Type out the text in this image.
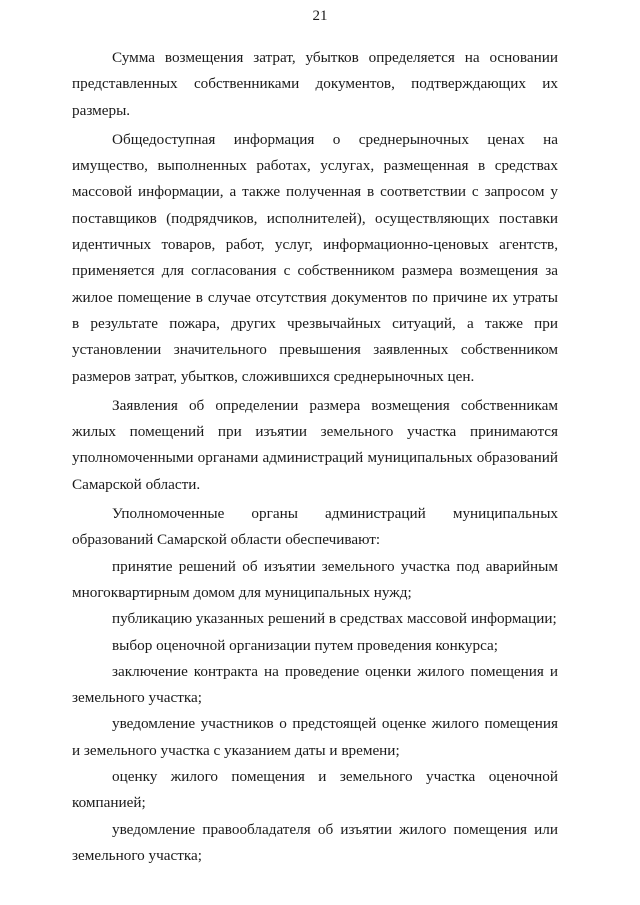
21

Сумма возмещения затрат, убытков определяется на основании представленных собственниками документов, подтверждающих их размеры.

Общедоступная информация о среднерыночных ценах на имущество, выполненных работах, услугах, размещенная в средствах массовой информации, а также полученная в соответствии с запросом у поставщиков (подрядчиков, исполнителей), осуществляющих поставки идентичных товаров, работ, услуг, информационно-ценовых агентств, применяется для согласования с собственником размера возмещения за жилое помещение в случае отсутствия документов по причине их утраты в результате пожара, других чрезвычайных ситуаций, а также при установлении значительного превышения заявленных собственником размеров затрат, убытков, сложившихся среднерыночных цен.

Заявления об определении размера возмещения собственникам жилых помещений при изъятии земельного участка принимаются уполномоченными органами администраций муниципальных образований Самарской области.

Уполномоченные органы администраций муниципальных образований Самарской области обеспечивают:

принятие решений об изъятии земельного участка под аварийным многоквартирным домом для муниципальных нужд;

публикацию указанных решений в средствах массовой информации;

выбор оценочной организации путем проведения конкурса;

заключение контракта на проведение оценки жилого помещения и земельного участка;

уведомление участников о предстоящей оценке жилого помещения и земельного участка с указанием даты и времени;

оценку жилого помещения и земельного участка оценочной компанией;

уведомление правообладателя об изъятии жилого помещения или земельного участка;
